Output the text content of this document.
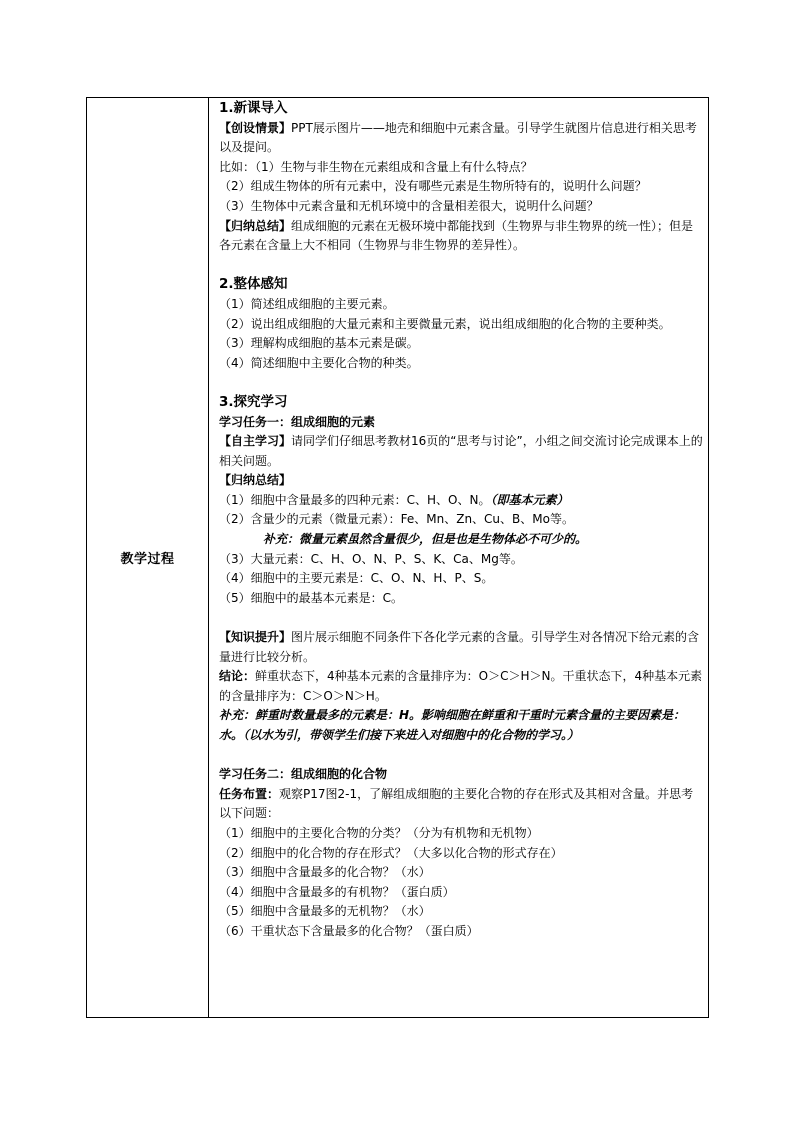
教学过程	

1.新课导入

【创设情景】PPT展示图片——地壳和细胞中元素含量。引导学生就图片信息进行相关思考以及提问。

比如：（1）生物与非生物在元素组成和含量上有什么特点？

（2）组成生物体的所有元素中，没有哪些元素是生物所特有的，说明什么问题？

（3）生物体中元素含量和无机环境中的含量相差很大，说明什么问题？

【归纳总结】组成细胞的元素在无极环境中都能找到（生物界与非生物界的统一性）；但是各元素在含量上大不相同（生物界与非生物界的差异性）。

2.整体感知

（1）简述组成细胞的主要元素。

（2）说出组成细胞的大量元素和主要微量元素，说出组成细胞的化合物的主要种类。

（3）理解构成细胞的基本元素是碳。

（4）简述细胞中主要化合物的种类。

3.探究学习

学习任务一：组成细胞的元素

【自主学习】请同学们仔细思考教材16页的“思考与讨论”，小组之间交流讨论完成课本上的相关问题。

【归纳总结】

（1）细胞中含量最多的四种元素：C、H、O、N。（即基本元素）

（2）含量少的元素（微量元素）：Fe、Mn、Zn、Cu、B、Mo等。

补充：微量元素虽然含量很少，但是也是生物体必不可少的。

（3）大量元素：C、H、O、N、P、S、K、Ca、Mg等。

（4）细胞中的主要元素是：C、O、N、H、P、S。

（5）细胞中的最基本元素是：C。

【知识提升】图片展示细胞不同条件下各化学元素的含量。引导学生对各情况下给元素的含量进行比较分析。

结论：鲜重状态下，4种基本元素的含量排序为：O＞C＞H＞N。干重状态下，4种基本元素的含量排序为：C＞O＞N＞H。

补充：鲜重时数量最多的元素是：H。影响细胞在鲜重和干重时元素含量的主要因素是：水。（以水为引，带领学生们接下来进入对细胞中的化合物的学习。）

学习任务二：组成细胞的化合物

任务布置：观察P17图2-1，了解组成细胞的主要化合物的存在形式及其相对含量。并思考以下问题：

（1）细胞中的主要化合物的分类？（分为有机物和无机物）

（2）细胞中的化合物的存在形式？（大多以化合物的形式存在）

（3）细胞中含量最多的化合物？（水）

（4）细胞中含量最多的有机物？（蛋白质）

（5）细胞中含量最多的无机物？（水）

（6）干重状态下含量最多的化合物？（蛋白质）
